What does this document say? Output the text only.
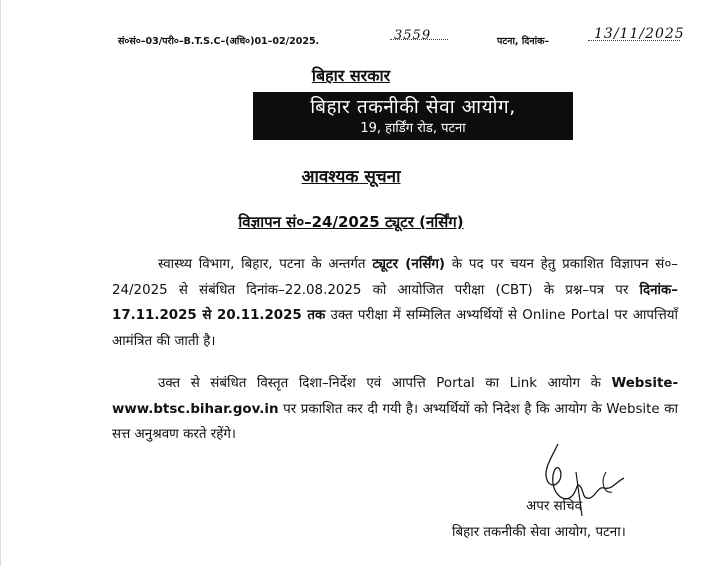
सं०सं०–03/परी०–B.T.S.C–(अधि०)01–02/2025.	3559	पटना, दिनांक–	13/11/2025
बिहार सरकार
बिहार तकनीकी सेवा आयोग,
19, हार्डिंग रोड, पटना
आवश्यक सूचना
विज्ञापन सं०–24/2025 ट्यूटर (नर्सिंग)
स्वास्थ्य विभाग, बिहार, पटना के अन्तर्गत ट्यूटर (नर्सिंग) के पद पर चयन हेतु प्रकाशित विज्ञापन सं०–24/2025 से संबंधित दिनांक–22.08.2025 को आयोजित परीक्षा (CBT) के प्रश्न–पत्र पर दिनांक–17.11.2025 से 20.11.2025 तक उक्त परीक्षा में सम्मिलित अभ्यर्थियों से Online Portal पर आपत्तियाँ आमंत्रित की जाती है।
उक्त से संबंधित विस्तृत दिशा–निर्देश एवं आपत्ति Portal का Link आयोग के Website- www.btsc.bihar.gov.in पर प्रकाशित कर दी गयी है। अभ्यर्थियों को निदेश है कि आयोग के Website का सत्त अनुश्रवण करते रहेंगे।
अपर सचिव
बिहार तकनीकी सेवा आयोग, पटना।
